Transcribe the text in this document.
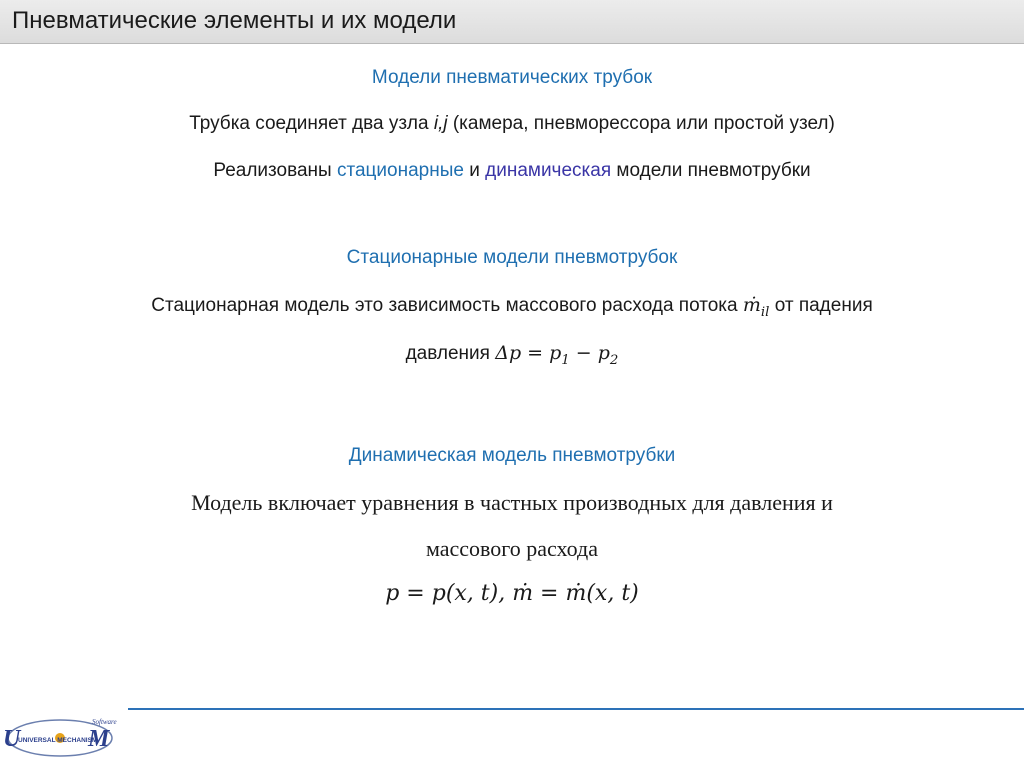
Пневматические элементы и их модели
Модели пневматических трубок
Трубка соединяет два узла i,j (камера, пневморессора или простой узел)
Реализованы стационарные и динамическая модели пневмотрубки
Стационарные модели пневмотрубок
Стационарная модель это зависимость массового расхода потока ṁ$_{il}$ от падения
давления $\Delta p = p_1 - p_2$
Динамическая модель пневмотрубки
Модель включает уравнения в частных производных для давления и
массового расхода
p = p(x, t), ṁ = ṁ(x, t)
U	M
UNIVERSAL MECHANISM
Software
